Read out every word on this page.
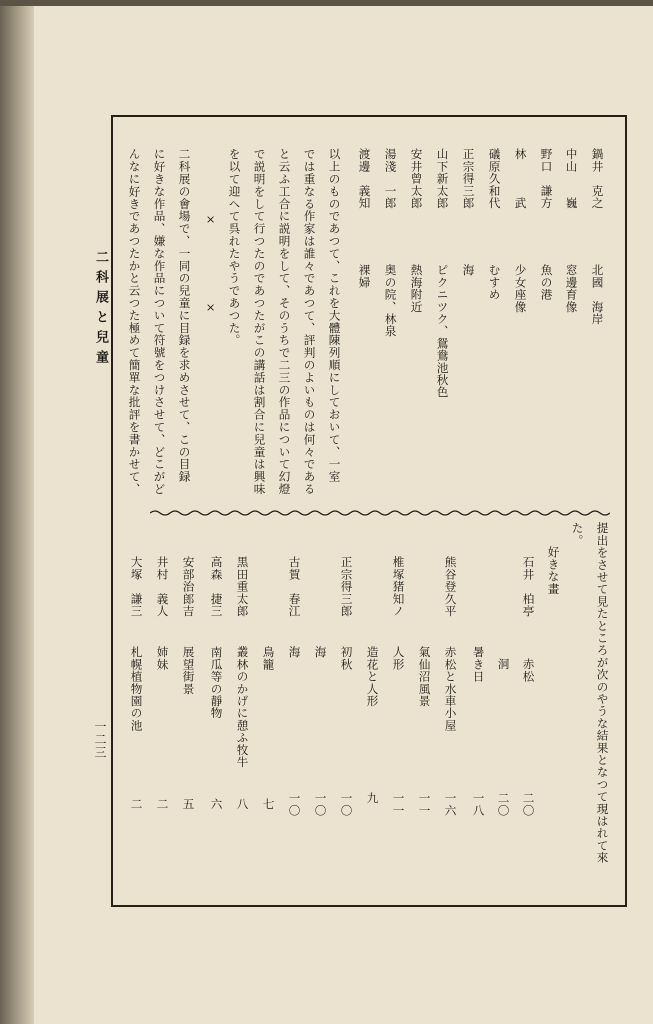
二科展と兒童
一二三
鍋井　克之
北國　海岸
中山　　巍
窓邊育像
野口　謙方
魚の港
林　　　武
少女座像
礒原久和代
むすめ
正宗得三郎
海
山下新太郎
ピクニツク、鴛鴦池秋色
安井曾太郎
熱海附近
湯淺　一郎
奥の院、林泉
渡邊　義知
裸婦
以上のものであつて、これを大體陳列順にしておいて、一室
では重なる作家は誰々であつて、評判のよいものは何々である
と云ふ工合に説明をして、そのうちで二三の作品について幻燈
で説明をして行つたのであつたがこの講話は割合に兒童は興味
を以て迎へて呉れたやうであつた。
×　　　　　　×
二科展の會場で、一同の兒童に目録を求めさせて、この目録
に好きな作品、嫌な作品について符號をつけさせて、どこがど
んなに好きであつたかと云つた極めて簡單な批評を書かせて、
提出をさせて見たところが次のやうな結果となつて現はれて來
た。
好きな畫
石井　柏亭
赤松
二〇
洞
二〇
暑き日
一八
熊谷登久平
赤松と水車小屋
一六
氣仙沼風景
一一
椎塚猪知ノ
人形
一一
造花と人形
九
正宗得三郎
初秋
一〇
海
一〇
古賀　春江
海
一〇
鳥籠
七
黒田重太郎
叢林のかげに憩ふ牧牛
八
高森　捷三
南瓜等の靜物
六
安部治郎吉
展望街景
五
井村　義人
姉妹
二
大塚　謙三
札幌植物園の池
二
